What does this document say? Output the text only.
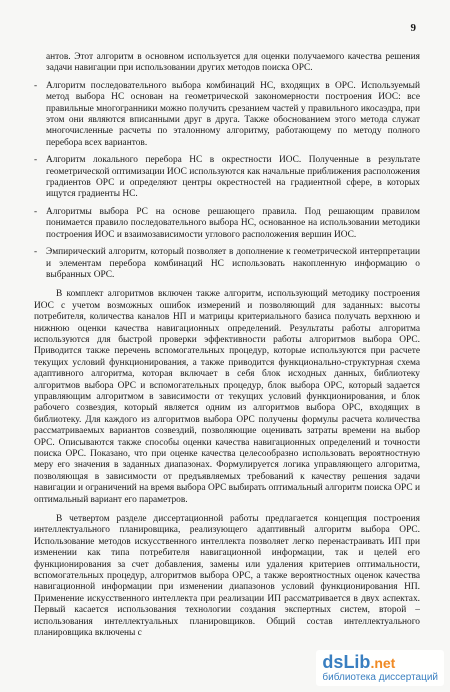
9
антов. Этот алгоритм в основном используется для оценки получаемого качества решения задачи навигации при использовании других методов поиска ОРС.
- Алгоритм последовательного выбора комбинаций НС, входящих в ОРС. Используемый метод выбора НС основан на геометрической закономерности построения ИОС: все правильные многогранники можно получить срезанием частей у правильного икосаэдра, при этом они являются вписанными друг в друга. Также обоснованием этого метода служат многочисленные расчеты по эталонному алгоритму, работающему по методу полного перебора всех вариантов.
- Алгоритм локального перебора НС в окрестности ИОС. Полученные в результате геометрической оптимизации ИОС используются как начальные приближения расположения градиентов ОРС и определяют центры окрестностей на градиентной сфере, в которых ищутся градиенты НС.
- Алгоритмы выбора РС на основе решающего правила. Под решающим правилом понимается правило последовательного выбора НС, основанное на использовании методики построения ИОС и взаимозависимости углового расположения вершин ИОС.
- Эмпирический алгоритм, который позволяет в дополнение к геометрической интерпретации и элементам перебора комбинаций НС использовать накопленную информацию о выбранных ОРС.
В комплект алгоритмов включен также алгоритм, использующий методику построения ИОС с учетом возможных ошибок измерений и позволяющий для заданных: высоты потребителя, количества каналов НП и матрицы критериального базиса получать верхнюю и нижнюю оценки качества навигационных определений. Результаты работы алгоритма используются для быстрой проверки эффективности работы алгоритмов выбора ОРС. Приводится также перечень вспомогательных процедур, которые используются при расчете текущих условий функционирования, а также приводится функционально-структурная схема адаптивного алгоритма, которая включает в себя блок исходных данных, библиотеку алгоритмов выбора ОРС и вспомогательных процедур, блок выбора ОРС, который задается управляющим алгоритмом в зависимости от текущих условий функционирования, и блок рабочего созвездия, который является одним из алгоритмов выбора ОРС, входящих в библиотеку. Для каждого из алгоритмов выбора ОРС получены формулы расчета количества рассматриваемых вариантов созвездий, позволяющие оценивать затраты времени на выбор ОРС. Описываются также способы оценки качества навигационных определений и точности поиска ОРС. Показано, что при оценке качества целесообразно использовать вероятностную меру его значения в заданных диапазонах. Формулируется логика управляющего алгоритма, позволяющая в зависимости от предъявляемых требований к качеству решения задачи навигации и ограничений на время выбора ОРС выбирать оптимальный алгоритм поиска ОРС и оптимальный вариант его параметров.
В четвертом разделе диссертационной работы предлагается концепция построения интеллектуального планировщика, реализующего адаптивный алгоритм выбора ОРС. Использование методов искусственного интеллекта позволяет легко перенастраивать ИП при изменении как типа потребителя навигационной информации, так и целей его функционирования за счет добавления, замены или удаления критериев оптимальности, вспомогательных процедур, алгоритмов выбора ОРС, а также вероятностных оценок качества навигационной информации при изменении диапазонов условий функционирования НП. Применение искусственного интеллекта при реализации ИП рассматривается в двух аспектах. Первый касается использования технологии создания экспертных систем, второй – использования интеллектуальных планировщиков. Общий состав интеллектуального планировщика включены с
ds Lib .net
библиотека диссертаций
